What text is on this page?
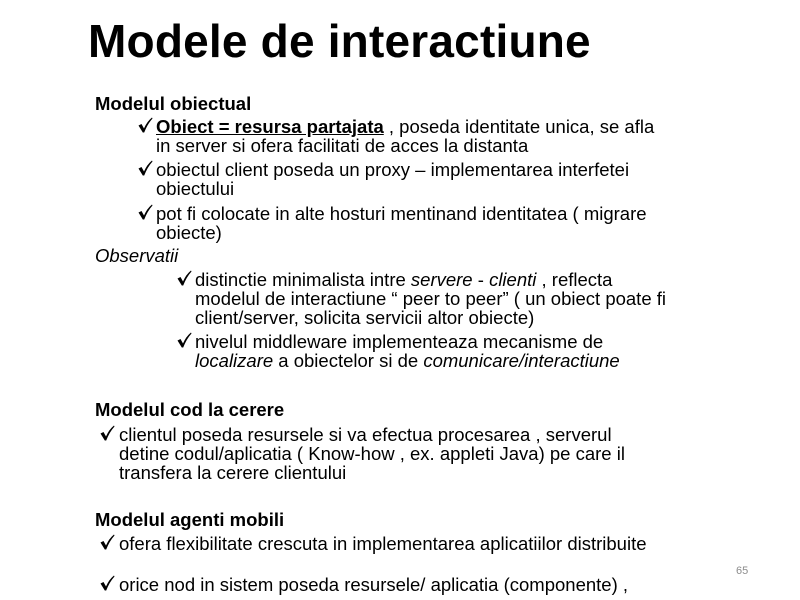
Modele de interactiune
Modelul obiectual
Obiect = resursa partajata , poseda identitate unica, se afla
in server si ofera facilitati de acces la distanta
obiectul client poseda un proxy – implementarea interfetei
obiectului
pot fi colocate in alte hosturi mentinand identitatea ( migrare
obiecte)
Observatii
distinctie minimalista intre servere - clienti , reflecta
modelul de interactiune “ peer to peer” ( un obiect poate fi
client/server, solicita servicii altor obiecte)
nivelul middleware implementeaza mecanisme de
localizare a obiectelor si de comunicare/interactiune
Modelul cod la cerere
clientul poseda resursele si va efectua procesarea , serverul
detine codul/aplicatia ( Know-how , ex. appleti Java) pe care il
transfera la cerere clientului
Modelul agenti mobili
ofera flexibilitate crescuta in implementarea aplicatiilor distribuite
orice nod in sistem poseda resursele/ aplicatia (componente) ,
65
